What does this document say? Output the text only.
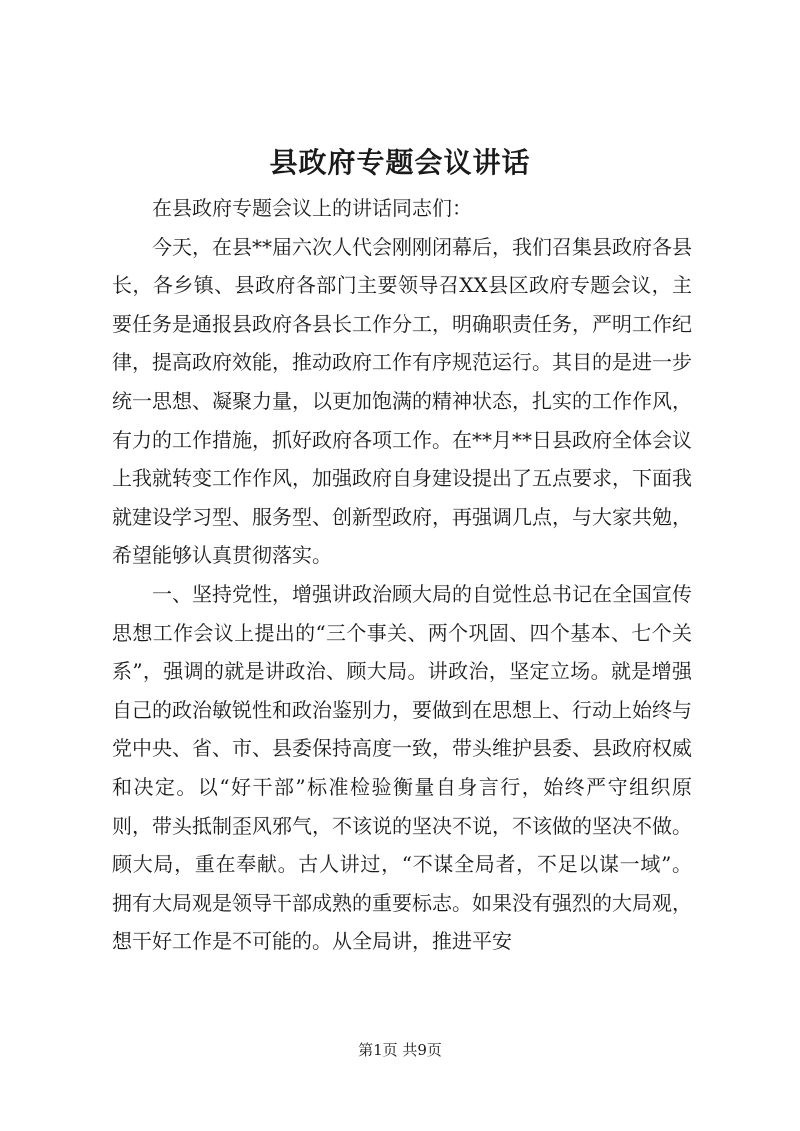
县政府专题会议讲话

在县政府专题会议上的讲话同志们：

今天，在县**届六次人代会刚刚闭幕后，我们召集县政府各县长，各乡镇、县政府各部门主要领导召XX县区政府专题会议，主要任务是通报县政府各县长工作分工，明确职责任务，严明工作纪律，提高政府效能，推动政府工作有序规范运行。其目的是进一步统一思想、凝聚力量，以更加饱满的精神状态，扎实的工作作风，有力的工作措施，抓好政府各项工作。在**月**日县政府全体会议上我就转变工作作风，加强政府自身建设提出了五点要求，下面我就建设学习型、服务型、创新型政府，再强调几点，与大家共勉，希望能够认真贯彻落实。

一、坚持党性，增强讲政治顾大局的自觉性总书记在全国宣传思想工作会议上提出的“三个事关、两个巩固、四个基本、七个关系”，强调的就是讲政治、顾大局。讲政治，坚定立场。就是增强自己的政治敏锐性和政治鉴别力，要做到在思想上、行动上始终与党中央、省、市、县委保持高度一致，带头维护县委、县政府权威和决定。以“好干部”标准检验衡量自身言行，始终严守组织原则，带头抵制歪风邪气，不该说的坚决不说，不该做的坚决不做。顾大局，重在奉献。古人讲过，“不谋全局者，不足以谋一域”。拥有大局观是领导干部成熟的重要标志。如果没有强烈的大局观，想干好工作是不可能的。从全局讲，推进平安

第1页 共9页
